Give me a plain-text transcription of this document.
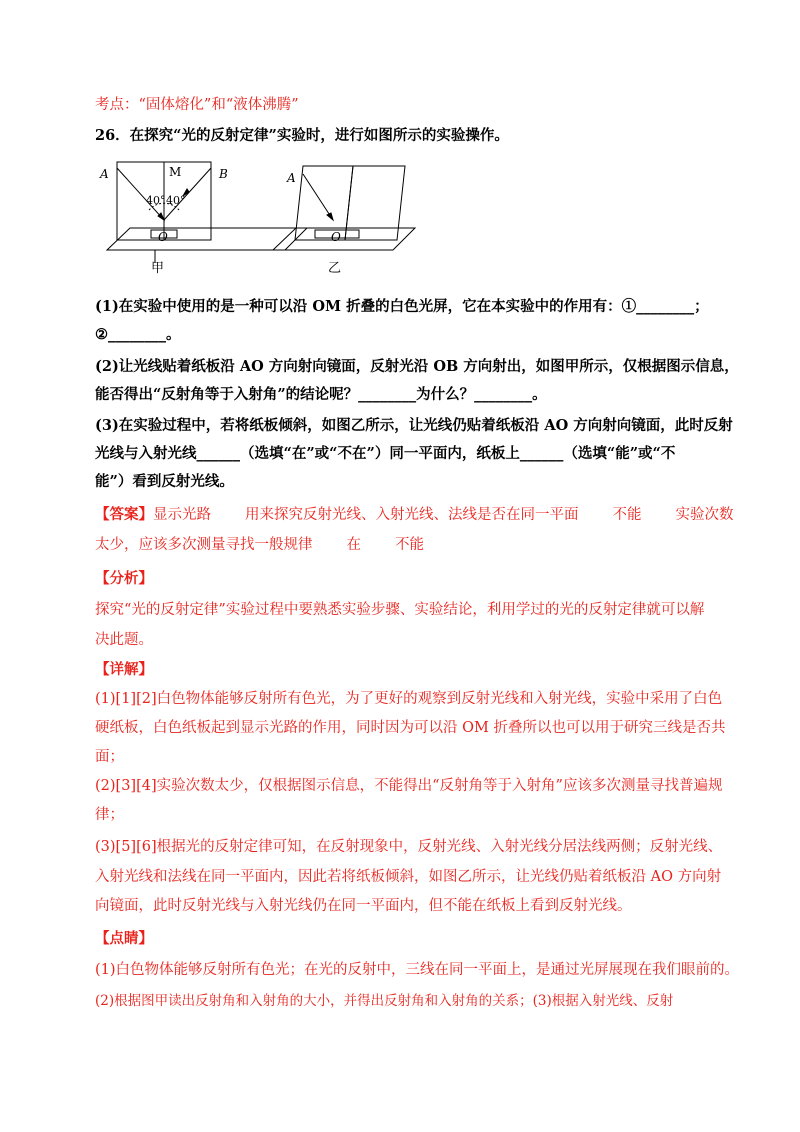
考点：“固体熔化”和“液体沸腾”
26．在探究“光的反射定律”实验时，进行如图所示的实验操作。
A	M	B
40° 40°
O
甲
A
O
乙
(1)在实验中使用的是一种可以沿 OM 折叠的白色光屏，它在本实验中的作用有：①________；
②________。
(2)让光线贴着纸板沿 AO 方向射向镜面，反射光沿 OB 方向射出，如图甲所示，仅根据图示信息，
能否得出“反射角等于入射角”的结论呢？________为什么？________。
(3)在实验过程中，若将纸板倾斜，如图乙所示，让光线仍贴着纸板沿 AO 方向射向镜面，此时反射
光线与入射光线______（选填“在”或“不在”）同一平面内，纸板上______（选填“能”或“不
能”）看到反射光线。
【答案】显示光路 用来探究反射光线、入射光线、法线是否在同一平面 不能 实验次数
太少，应该多次测量寻找一般规律 在 不能
【分析】
探究“光的反射定律”实验过程中要熟悉实验步骤、实验结论，利用学过的光的反射定律就可以解
决此题。
【详解】
(1)[1][2]白色物体能够反射所有色光，为了更好的观察到反射光线和入射光线，实验中采用了白色
硬纸板，白色纸板起到显示光路的作用，同时因为可以沿 OM 折叠所以也可以用于研究三线是否共
面；
(2)[3][4]实验次数太少，仅根据图示信息，不能得出“反射角等于入射角”应该多次测量寻找普遍规
律；
(3)[5][6]根据光的反射定律可知，在反射现象中，反射光线、入射光线分居法线两侧；反射光线、
入射光线和法线在同一平面内，因此若将纸板倾斜，如图乙所示，让光线仍贴着纸板沿 AO 方向射
向镜面，此时反射光线与入射光线仍在同一平面内，但不能在纸板上看到反射光线。
【点睛】
(1)白色物体能够反射所有色光；在光的反射中，三线在同一平面上，是通过光屏展现在我们眼前的。
(2)根据图甲读出反射角和入射角的大小，并得出反射角和入射角的关系；(3)根据入射光线、反射
